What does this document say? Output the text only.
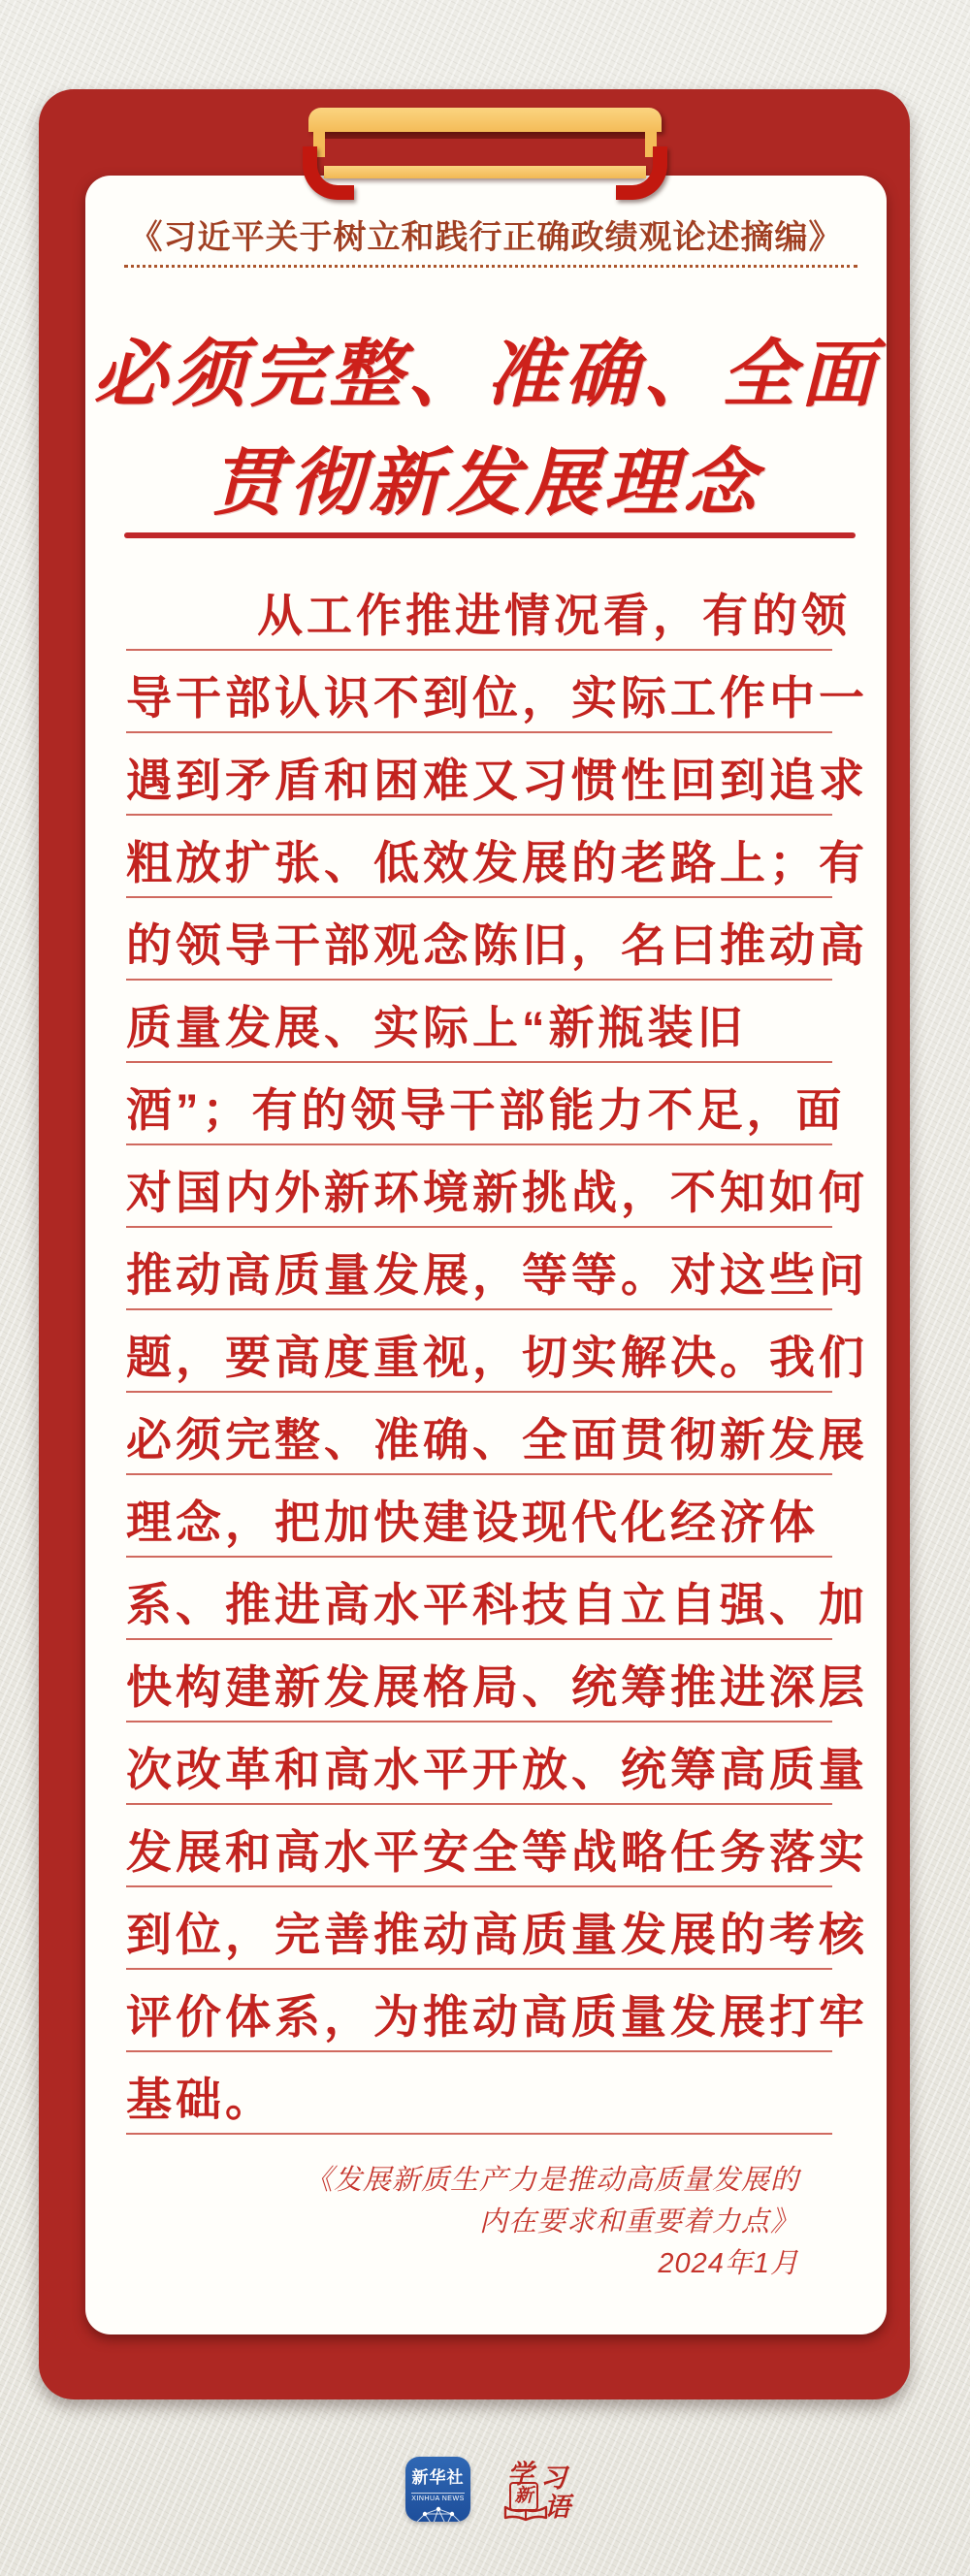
《习近平关于树立和践行正确政绩观论述摘编》
必须完整、准确、全面
贯彻新发展理念
从工作推进情况看，有的领
导干部认识不到位，实际工作中一
遇到矛盾和困难又习惯性回到追求
粗放扩张、低效发展的老路上；有
的领导干部观念陈旧，名曰推动高
质量发展、实际上“新瓶装旧
酒”；有的领导干部能力不足，面
对国内外新环境新挑战，不知如何
推动高质量发展，等等。对这些问
题，要高度重视，切实解决。我们
必须完整、准确、全面贯彻新发展
理念，把加快建设现代化经济体
系、推进高水平科技自立自强、加
快构建新发展格局、统筹推进深层
次改革和高水平开放、统筹高质量
发展和高水平安全等战略任务落实
到位，完善推动高质量发展的考核
评价体系，为推动高质量发展打牢
基础。
《发展新质生产力是推动高质量发展的
内在要求和重要着力点》
2024年1月
新华社
XINHUA NEWS
学 习
新 语
